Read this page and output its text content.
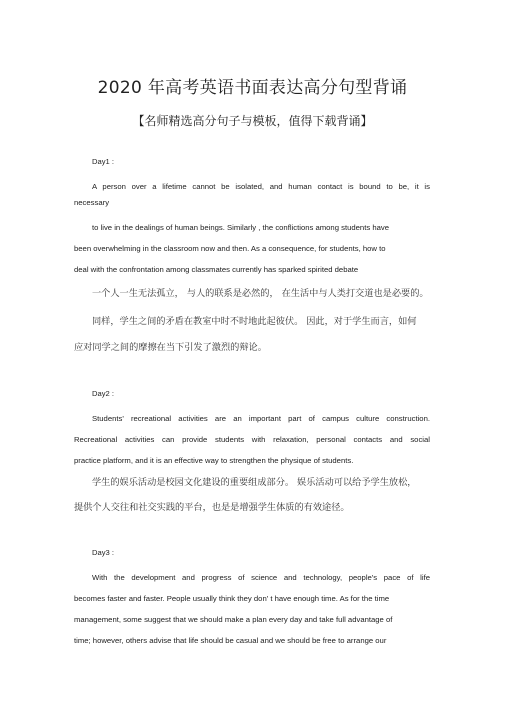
2020 年高考英语书面表达高分句型背诵
【名师精选高分句子与模板，值得下载背诵】
Day1 :
A person over a lifetime cannot be isolated, and human contact is bound to be, it is
necessary
to live in the dealings of human beings. Similarly , the conflictions among students have
been overwhelming in the classroom now and then. As a consequence, for students, how to
deal with the confrontation among classmates currently has sparked spirited debate
一个人一生无法孤立， 与人的联系是必然的， 在生活中与人类打交道也是必要的。
同样，学生之间的矛盾在教室中时不时地此起彼伏。 因此，对于学生而言，如何
应对同学之间的摩擦在当下引发了激烈的辩论。
Day2 :
Students' recreational activities are an important part of campus culture construction.
Recreational activities can provide students with relaxation, personal contacts and social
practice platform, and it is an effective way to strengthen the physique of students.
学生的娱乐活动是校园文化建设的重要组成部分。 娱乐活动可以给予学生放松，
提供个人交往和社交实践的平台，也是是增强学生体质的有效途径。
Day3 :
With the development and progress of science and technology, people's pace of life
becomes faster and faster. People usually think they don' t have enough time. As for the time
management, some suggest that we should make a plan every day and take full advantage of
time; however, others advise that life should be casual and we should be free to arrange our
